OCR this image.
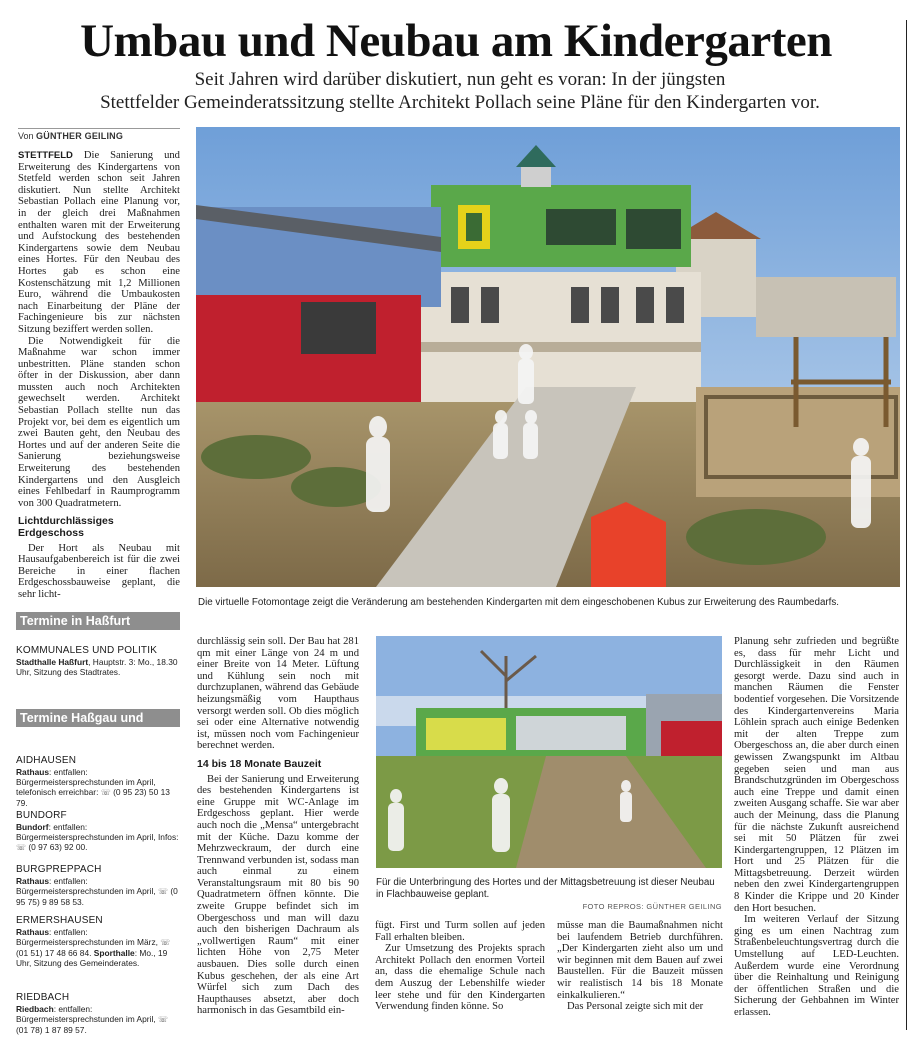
Umbau und Neubau am Kindergarten
Seit Jahren wird darüber diskutiert, nun geht es voran: In der jüngsten
Stettfelder Gemeinderatssitzung stellte Architekt Pollach seine Pläne für den Kindergarten vor.
Von GÜNTHER GEILING

STETTFELD Die Sanierung und Erweiterung des Kindergartens von Stetfeld werden schon seit Jahren diskutiert. Nun stellte Architekt Sebastian Pollach eine Planung vor, in der gleich drei Maßnahmen enthalten waren mit der Erweiterung und Aufstockung des bestehenden Kindergartens sowie dem Neubau eines Hortes. Für den Neubau des Hortes gab es schon eine Kostenschätzung mit 1,2 Millionen Euro, während die Umbaukosten nach Einarbeitung der Pläne der Fachingenieure bis zur nächsten Sitzung beziffert werden sollen.

Die Notwendigkeit für die Maßnahme war schon immer unbestritten. Pläne standen schon öfter in der Diskussion, aber dann mussten auch noch Architekten gewechselt werden. Architekt Sebastian Pollach stellte nun das Projekt vor, bei dem es eigentlich um zwei Bauten geht, den Neubau des Hortes und auf der anderen Seite die Sanierung beziehungsweise Erweiterung des bestehenden Kindergartens und den Ausgleich eines Fehlbedarf in Raumprogramm von 300 Quadratmetern.

Lichtdurchlässiges Erdgeschoss

Der Hort als Neubau mit Hausaufgabenbereich ist für die zwei Bereiche in einer flachen Erdgeschossbauweise geplant, die sehr licht-

Die virtuelle Fotomontage zeigt die Veränderung am bestehenden Kindergarten mit dem eingeschobenen Kubus zur Erweiterung des Raumbedarfs.
Termine in Haßfurt
KOMMUNALES UND POLITIK
Stadthalle Haßfurt, Hauptstr. 3: Mo., 18.30 Uhr, Sitzung des Stadtrates.
Termine Haßgau und
AIDHAUSEN
Rathaus: entfallen: Bürgermeistersprechstunden im April, telefonisch erreichbar: ☏ (0 95 23) 50 13 79.
BUNDORF
Bundorf: entfallen: Bürgermeistersprechstunden im April, Infos: ☏ (0 97 63) 92 00.
BURGPREPPACH
Rathaus: entfallen: Bürgermeistersprechstunden im April, ☏ (0 95 75) 9 89 58 53.
ERMERSHAUSEN
Rathaus: entfallen: Bürgermeistersprechstunden im März, ☏ (01 51) 17 48 66 84. Sporthalle: Mo., 19 Uhr, Sitzung des Gemeinderates.
RIEDBACH
Riedbach: entfallen: Bürgermeistersprechstunden im April, ☏ (01 78) 1 87 89 57.

durchlässig sein soll. Der Bau hat 281 qm mit einer Länge von 24 m und einer Breite von 14 Meter. Lüftung und Kühlung sein noch mit durchzuplanen, während das Gebäude heizungsmäßig vom Haupthaus versorgt werden soll. Ob dies möglich sei oder eine Alternative notwendig ist, müssen noch vom Fachingenieur berechnet werden.

14 bis 18 Monate Bauzeit

Bei der Sanierung und Erweiterung des bestehenden Kindergartens ist eine Gruppe mit WC-Anlage im Erdgeschoss geplant. Hier werde auch noch die „Mensa“ untergebracht mit der Küche. Dazu komme der Mehrzweckraum, der durch eine Trennwand verbunden ist, sodass man auch einmal zu einem Veranstaltungsraum mit 80 bis 90 Quadratmetern öffnen könnte. Die zweite Gruppe befindet sich im Obergeschoss und man will dazu auch den bisherigen Dachraum als „vollwertigen Raum“ mit einer lichten Höhe von 2,75 Meter ausbauen. Dies solle durch einen Kubus geschehen, der als eine Art Würfel sich zum Dach des Haupthauses absetzt, aber doch harmonisch in das Gesamtbild ein-

Für die Unterbringung des Hortes und der Mittagsbetreuung ist dieser Neubau in Flachbauweise geplant.
FOTO REPROS: GÜNTHER GEILING

fügt. First und Turm sollen auf jeden Fall erhalten bleiben.

Zur Umsetzung des Projekts sprach Architekt Pollach den enormen Vorteil an, dass die ehemalige Schule nach dem Auszug der Lebenshilfe wieder leer stehe und für den Kindergarten Verwendung finden könne. So

müsse man die Baumaßnahmen nicht bei laufendem Betrieb durchführen. „Der Kindergarten zieht also um und wir beginnen mit dem Bauen auf zwei Baustellen. Für die Bauzeit müssen wir realistisch 14 bis 18 Monate einkalkulieren.“

Das Personal zeigte sich mit der

Planung sehr zufrieden und begrüßte es, dass für mehr Licht und Durchlässigkeit in den Räumen gesorgt werde. Dazu sind auch in manchen Räumen die Fenster bodentief vorgesehen. Die Vorsitzende des Kindergartenvereins Maria Löhlein sprach auch einige Bedenken mit der alten Treppe zum Obergeschoss an, die aber durch einen gewissen Zwangspunkt im Altbau gegeben seien und man aus Brandschutzgründen im Obergeschoss auch eine Treppe und damit einen zweiten Ausgang schaffe. Sie war aber auch der Meinung, dass die Planung für die nächste Zukunft ausreichend sei mit 50 Plätzen für zwei Kindergartengruppen, 12 Plätzen im Hort und 25 Plätzen für die Mittagsbetreuung. Derzeit würden neben den zwei Kindergartengruppen 8 Kinder die Krippe und 20 Kinder den Hort besuchen.

Im weiteren Verlauf der Sitzung ging es um einen Nachtrag zum Straßenbeleuchtungsvertrag durch die Umstellung auf LED-Leuchten. Außerdem wurde eine Verordnung über die Reinhaltung und Reinigung der öffentlichen Straßen und die Sicherung der Gehbahnen im Winter erlassen.
